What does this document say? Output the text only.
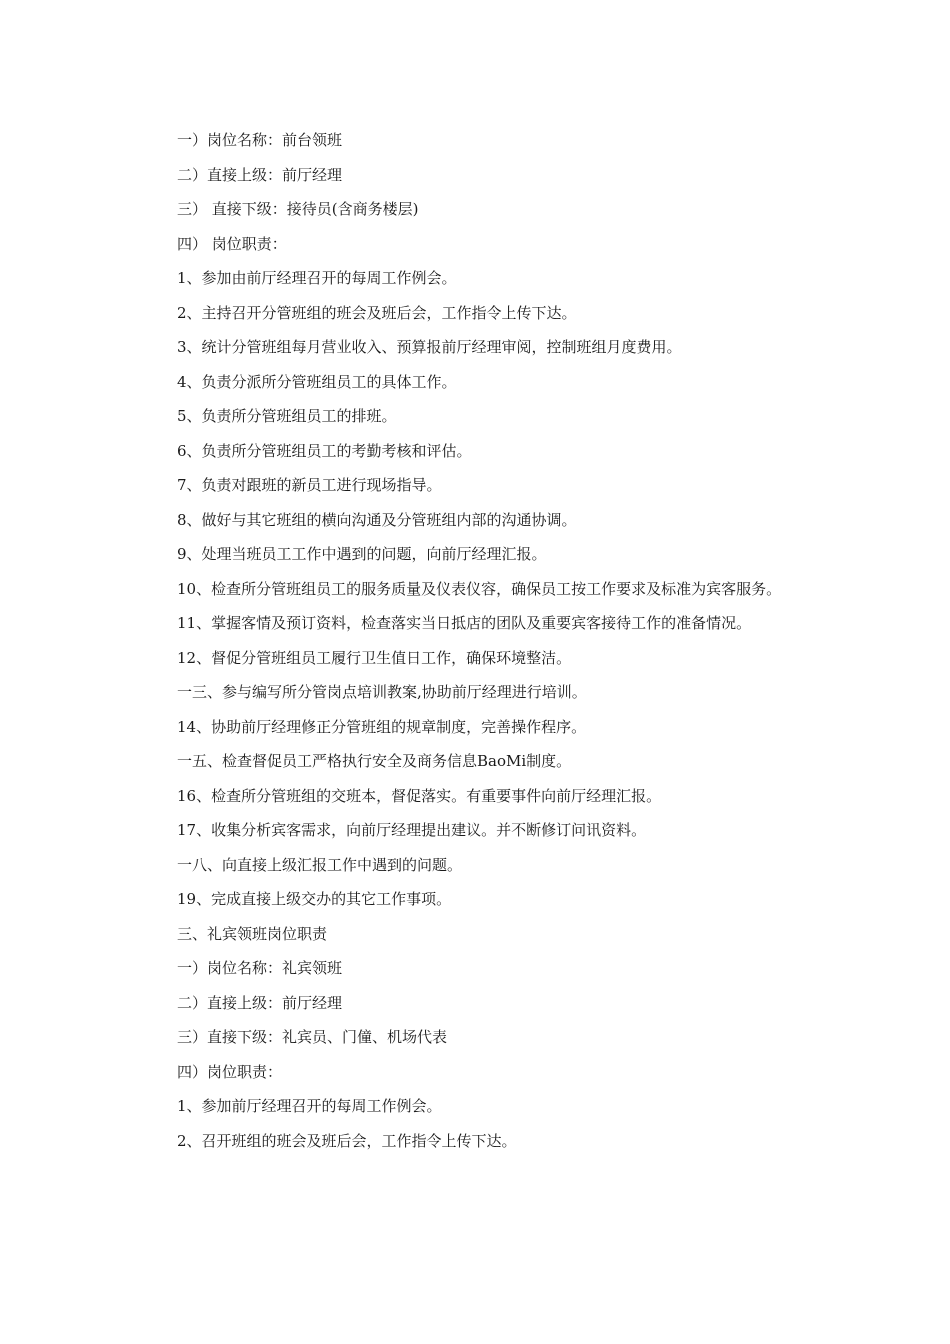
一）岗位名称：前台领班

二）直接上级：前厅经理

三） 直接下级：接待员(含商务楼层)

四） 岗位职责：

1、参加由前厅经理召开的每周工作例会。

2、主持召开分管班组的班会及班后会，工作指令上传下达。

3、统计分管班组每月营业收入、预算报前厅经理审阅，控制班组月度费用。

4、负责分派所分管班组员工的具体工作。

5、负责所分管班组员工的排班。

6、负责所分管班组员工的考勤考核和评估。

7、负责对跟班的新员工进行现场指导。

8、做好与其它班组的横向沟通及分管班组内部的沟通协调。

9、处理当班员工工作中遇到的问题，向前厅经理汇报。

10、检查所分管班组员工的服务质量及仪表仪容，确保员工按工作要求及标准为宾客服务。

11、掌握客情及预订资料，检查落实当日抵店的团队及重要宾客接待工作的准备情况。

12、督促分管班组员工履行卫生值日工作，确保环境整洁。

一三、参与编写所分管岗点培训教案,协助前厅经理进行培训。

14、协助前厅经理修正分管班组的规章制度，完善操作程序。

一五、检查督促员工严格执行安全及商务信息BaoMi制度。

16、检查所分管班组的交班本，督促落实。有重要事件向前厅经理汇报。

17、收集分析宾客需求，向前厅经理提出建议。并不断修订问讯资料。

一八、向直接上级汇报工作中遇到的问题。

19、完成直接上级交办的其它工作事项。

三、礼宾领班岗位职责

一）岗位名称：礼宾领班

二）直接上级：前厅经理

三）直接下级：礼宾员、门僮、机场代表

四）岗位职责：

1、参加前厅经理召开的每周工作例会。

2、召开班组的班会及班后会，工作指令上传下达。
